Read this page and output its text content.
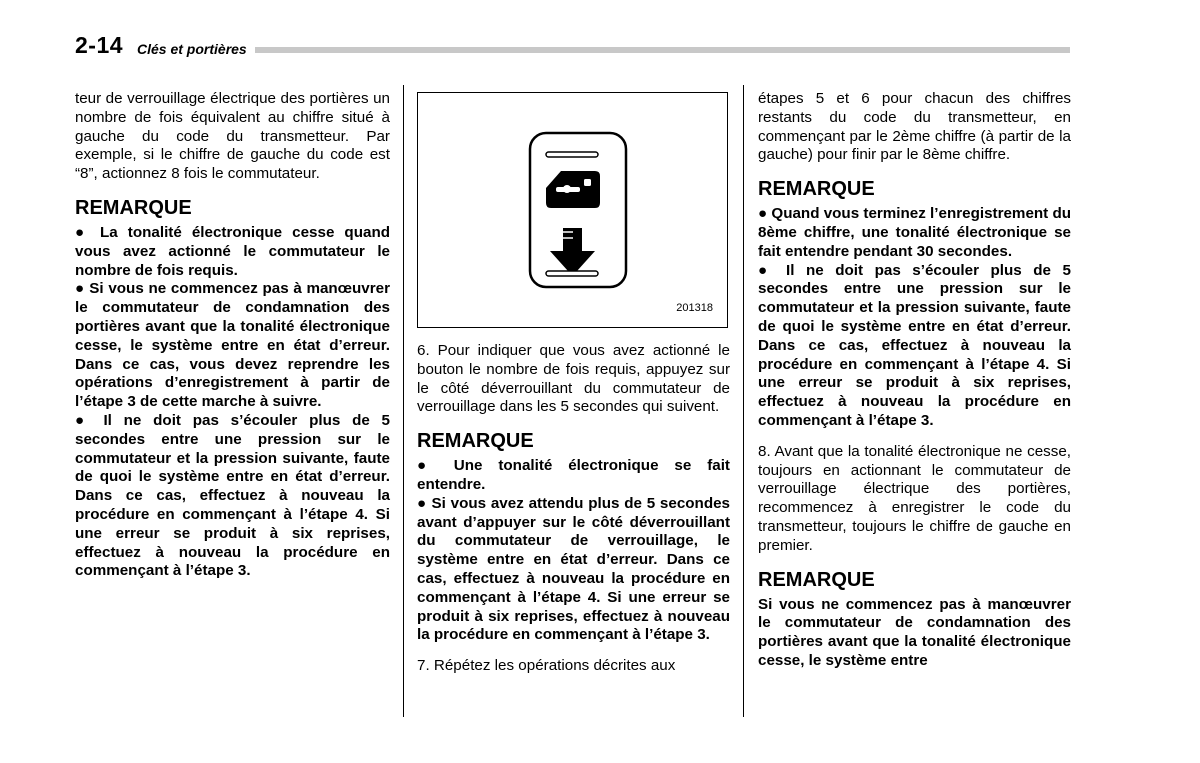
2-14 Clés et portières

teur de verrouillage électrique des portières un nombre de fois équivalent au chiffre situé à gauche du code du transmetteur. Par exemple, si le chiffre de gauche du code est “8”, actionnez 8 fois le commutateur.

REMARQUE

● La tonalité électronique cesse quand vous avez actionné le commutateur le nombre de fois requis.

● Si vous ne commencez pas à manœuvrer le commutateur de condamnation des portières avant que la tonalité électronique cesse, le système entre en état d’erreur. Dans ce cas, vous devez reprendre les opérations d’enregistrement à partir de l’étape 3 de cette marche à suivre.

● Il ne doit pas s’écouler plus de 5 secondes entre une pression sur le commutateur et la pression suivante, faute de quoi le système entre en état d’erreur. Dans ce cas, effectuez à nouveau la procédure en commençant à l’étape 4. Si une erreur se produit à six reprises, effectuez à nouveau la procédure en commençant à l’étape 3.

201318

6. Pour indiquer que vous avez actionné le bouton le nombre de fois requis, appuyez sur le côté déverrouillant du commutateur de verrouillage dans les 5 secondes qui suivent.

REMARQUE

● Une tonalité électronique se fait entendre.

● Si vous avez attendu plus de 5 secondes avant d’appuyer sur le côté déverrouillant du commutateur de verrouillage, le système entre en état d’erreur. Dans ce cas, effectuez à nouveau la procédure en commençant à l’étape 4. Si une erreur se produit à six reprises, effectuez à nouveau la procédure en commençant à l’étape 3.

7. Répétez les opérations décrites aux

étapes 5 et 6 pour chacun des chiffres restants du code du transmetteur, en commençant par le 2ème chiffre (à partir de la gauche) pour finir par le 8ème chiffre.

REMARQUE

● Quand vous terminez l’enregistrement du 8ème chiffre, une tonalité électronique se fait entendre pendant 30 secondes.

● Il ne doit pas s’écouler plus de 5 secondes entre une pression sur le commutateur et la pression suivante, faute de quoi le système entre en état d’erreur. Dans ce cas, effectuez à nouveau la procédure en commençant à l’étape 4. Si une erreur se produit à six reprises, effectuez à nouveau la procédure en commençant à l’étape 3.

8. Avant que la tonalité électronique ne cesse, toujours en actionnant le commutateur de verrouillage électrique des portières, recommencez à enregistrer le code du transmetteur, toujours le chiffre de gauche en premier.

REMARQUE

Si vous ne commencez pas à manœuvrer le commutateur de condamnation des portières avant que la tonalité électronique cesse, le système entre
